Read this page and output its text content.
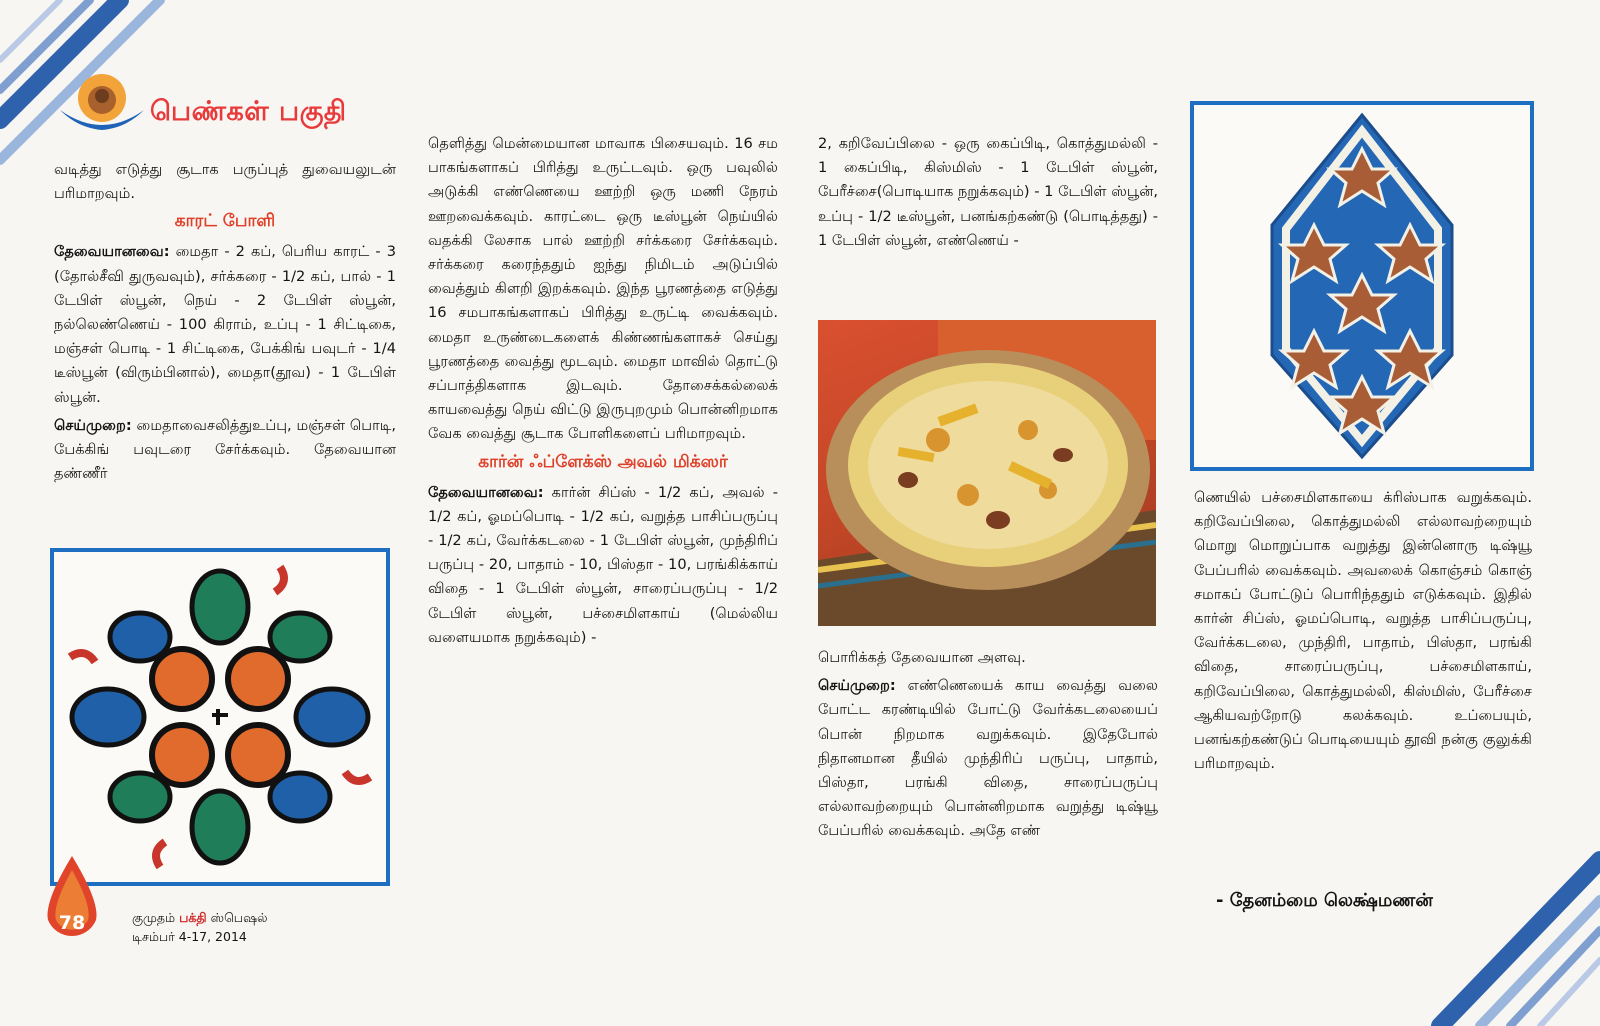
பெண்கள் பகுதி

வடித்து எடுத்து சூடாக பருப்புத் துவையலுடன் பரிமாறவும்.

காரட் போளி

தேவையானவை: மைதா - 2 கப், பெரிய காரட் - 3 (தோல்சீவி துருவவும்), சர்க்கரை - 1/2 கப், பால் - 1 டேபிள் ஸ்பூன், நெய் - 2 டேபிள் ஸ்பூன், நல்லெண்ணெய் - 100 கிராம், உப்பு - 1 சிட்டிகை, மஞ்சள் பொடி - 1 சிட்டிகை, பேக்கிங் பவுடர் - 1/4 டீஸ்பூன் (விரும்பினால்), மைதா(தூவ) - 1 டேபிள் ஸ்பூன்.

செய்முறை: மைதாவைசலித்துஉப்பு, மஞ்சள் பொடி, பேக்கிங் பவுடரை சேர்க்கவும். தேவையான தண்ணீர்

தெளித்து மென்மையான மாவாக பிசையவும். 16 சம பாகங்களாகப் பிரித்து உருட்டவும். ஒரு பவுலில் அடுக்கி எண்ணெயை ஊற்றி ஒரு மணி நேரம் ஊறவைக்கவும். காரட்டை ஒரு டீஸ்பூன் நெய்யில் வதக்கி லேசாக பால் ஊற்றி சர்க்கரை சேர்க்கவும். சர்க்கரை கரைந்ததும் ஐந்து நிமிடம் அடுப்பில் வைத்தும் கிளறி இறக்கவும். இந்த பூரணத்தை எடுத்து 16 சமபாகங்களாகப் பிரித்து உருட்டி வைக்கவும். மைதா உருண்டைகளைக் கிண்ணங்களாகச் செய்து பூரணத்தை வைத்து மூடவும். மைதா மாவில் தொட்டு சப்பாத்திகளாக இடவும். தோசைக்கல்லைக் காயவைத்து நெய் விட்டு இருபுறமும் பொன்னிறமாக வேக வைத்து சூடாக போளிகளைப் பரிமாறவும்.

கார்ன் ஃப்ளேக்ஸ் அவல் மிக்ஸர்

தேவையானவை: கார்ன் சிப்ஸ் - 1/2 கப், அவல் - 1/2 கப், ஓமப்பொடி - 1/2 கப், வறுத்த பாசிப்பருப்பு - 1/2 கப், வேர்க்கடலை - 1 டேபிள் ஸ்பூன், முந்திரிப் பருப்பு - 20, பாதாம் - 10, பிஸ்தா - 10, பரங்கிக்காய் விதை - 1 டேபிள் ஸ்பூன், சாரைப்பருப்பு - 1/2 டேபிள் ஸ்பூன், பச்சைமிளகாய் (மெல்லிய வளையமாக நறுக்கவும்) -

2, கறிவேப்பிலை - ஒரு கைப்பிடி, கொத்துமல்லி - 1 கைப்பிடி, கிஸ்மிஸ் - 1 டேபிள் ஸ்பூன், பேரீச்சை(பொடியாக நறுக்கவும்) - 1 டேபிள் ஸ்பூன், உப்பு - 1/2 டீஸ்பூன், பனங்கற்கண்டு (பொடித்தது) - 1 டேபிள் ஸ்பூன், எண்ணெய் -

பொரிக்கத் தேவையான அளவு.

செய்முறை: எண்ணெயைக் காய வைத்து வலை போட்ட கரண்டியில் போட்டு வேர்க்கடலையைப் பொன் நிறமாக வறுக்கவும். இதேபோல் நிதானமான தீயில் முந்திரிப் பருப்பு, பாதாம், பிஸ்தா, பரங்கி விதை, சாரைப்பருப்பு எல்லாவற்றையும் பொன்னிறமாக வறுத்து டிஷ்யூ பேப்பரில் வைக்கவும். அதே எண்

ணெயில் பச்சைமிளகாயை க்ரிஸ்பாக வறுக்கவும். கறிவேப்பிலை, கொத்துமல்லி எல்லாவற்றையும் மொறு மொறுப்பாக வறுத்து இன்னொரு டிஷ்யூ பேப்பரில் வைக்கவும். அவலைக் கொஞ்சம் கொஞ் சமாகப் போட்டுப் பொரிந்ததும் எடுக்கவும். இதில் கார்ன் சிப்ஸ், ஓமப்பொடி, வறுத்த பாசிப்பருப்பு, வேர்க்கடலை, முந்திரி, பாதாம், பிஸ்தா, பரங்கி விதை, சாரைப்பருப்பு, பச்சைமிளகாய், கறிவேப்பிலை, கொத்துமல்லி, கிஸ்மிஸ், பேரீச்சை ஆகியவற்றோடு கலக்கவும். உப்பையும், பனங்கற்கண்டுப் பொடியையும் தூவி நன்கு குலுக்கி பரிமாறவும்.

- தேனம்மை லெக்ஷ்மணன்
78	குமுதம் பக்தி ஸ்பெஷல்
டிசம்பர் 4-17, 2014
